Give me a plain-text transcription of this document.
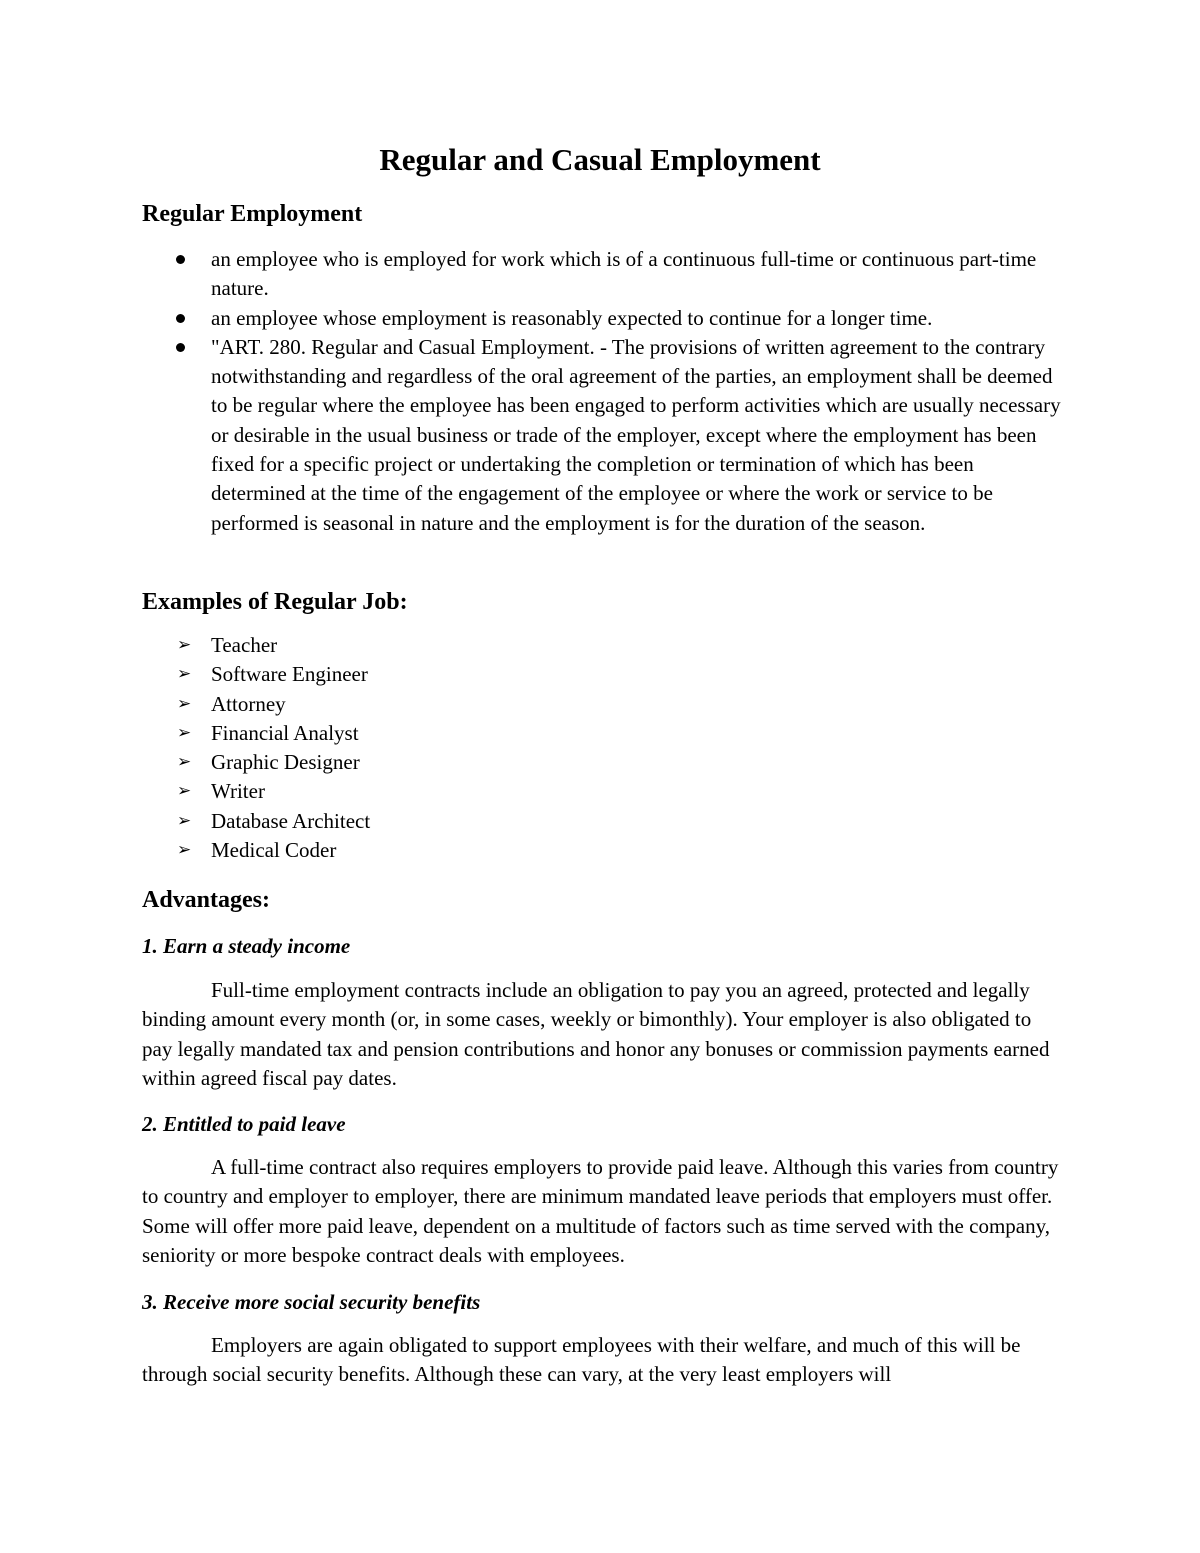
Regular and Casual Employment
Regular Employment
an employee who is employed for work which is of a continuous full-time or continuous part-time nature.
an employee whose employment is reasonably expected to continue for a longer time.
"ART. 280. Regular and Casual Employment. - The provisions of written agreement to the contrary notwithstanding and regardless of the oral agreement of the parties, an employment shall be deemed to be regular where the employee has been engaged to perform activities which are usually necessary or desirable in the usual business or trade of the employer, except where the employment has been fixed for a specific project or undertaking the completion or termination of which has been determined at the time of the engagement of the employee or where the work or service to be performed is seasonal in nature and the employment is for the duration of the season.
Examples of Regular Job:
➢ Teacher
➢ Software Engineer
➢ Attorney
➢ Financial Analyst
➢ Graphic Designer
➢ Writer
➢ Database Architect
➢ Medical Coder
Advantages:
1. Earn a steady income

Full-time employment contracts include an obligation to pay you an agreed, protected and legally binding amount every month (or, in some cases, weekly or bimonthly). Your employer is also obligated to pay legally mandated tax and pension contributions and honor any bonuses or commission payments earned within agreed fiscal pay dates.

2. Entitled to paid leave

A full-time contract also requires employers to provide paid leave. Although this varies from country to country and employer to employer, there are minimum mandated leave periods that employers must offer. Some will offer more paid leave, dependent on a multitude of factors such as time served with the company, seniority or more bespoke contract deals with employees.

3. Receive more social security benefits

Employers are again obligated to support employees with their welfare, and much of this will be through social security benefits. Although these can vary, at the very least employers will
